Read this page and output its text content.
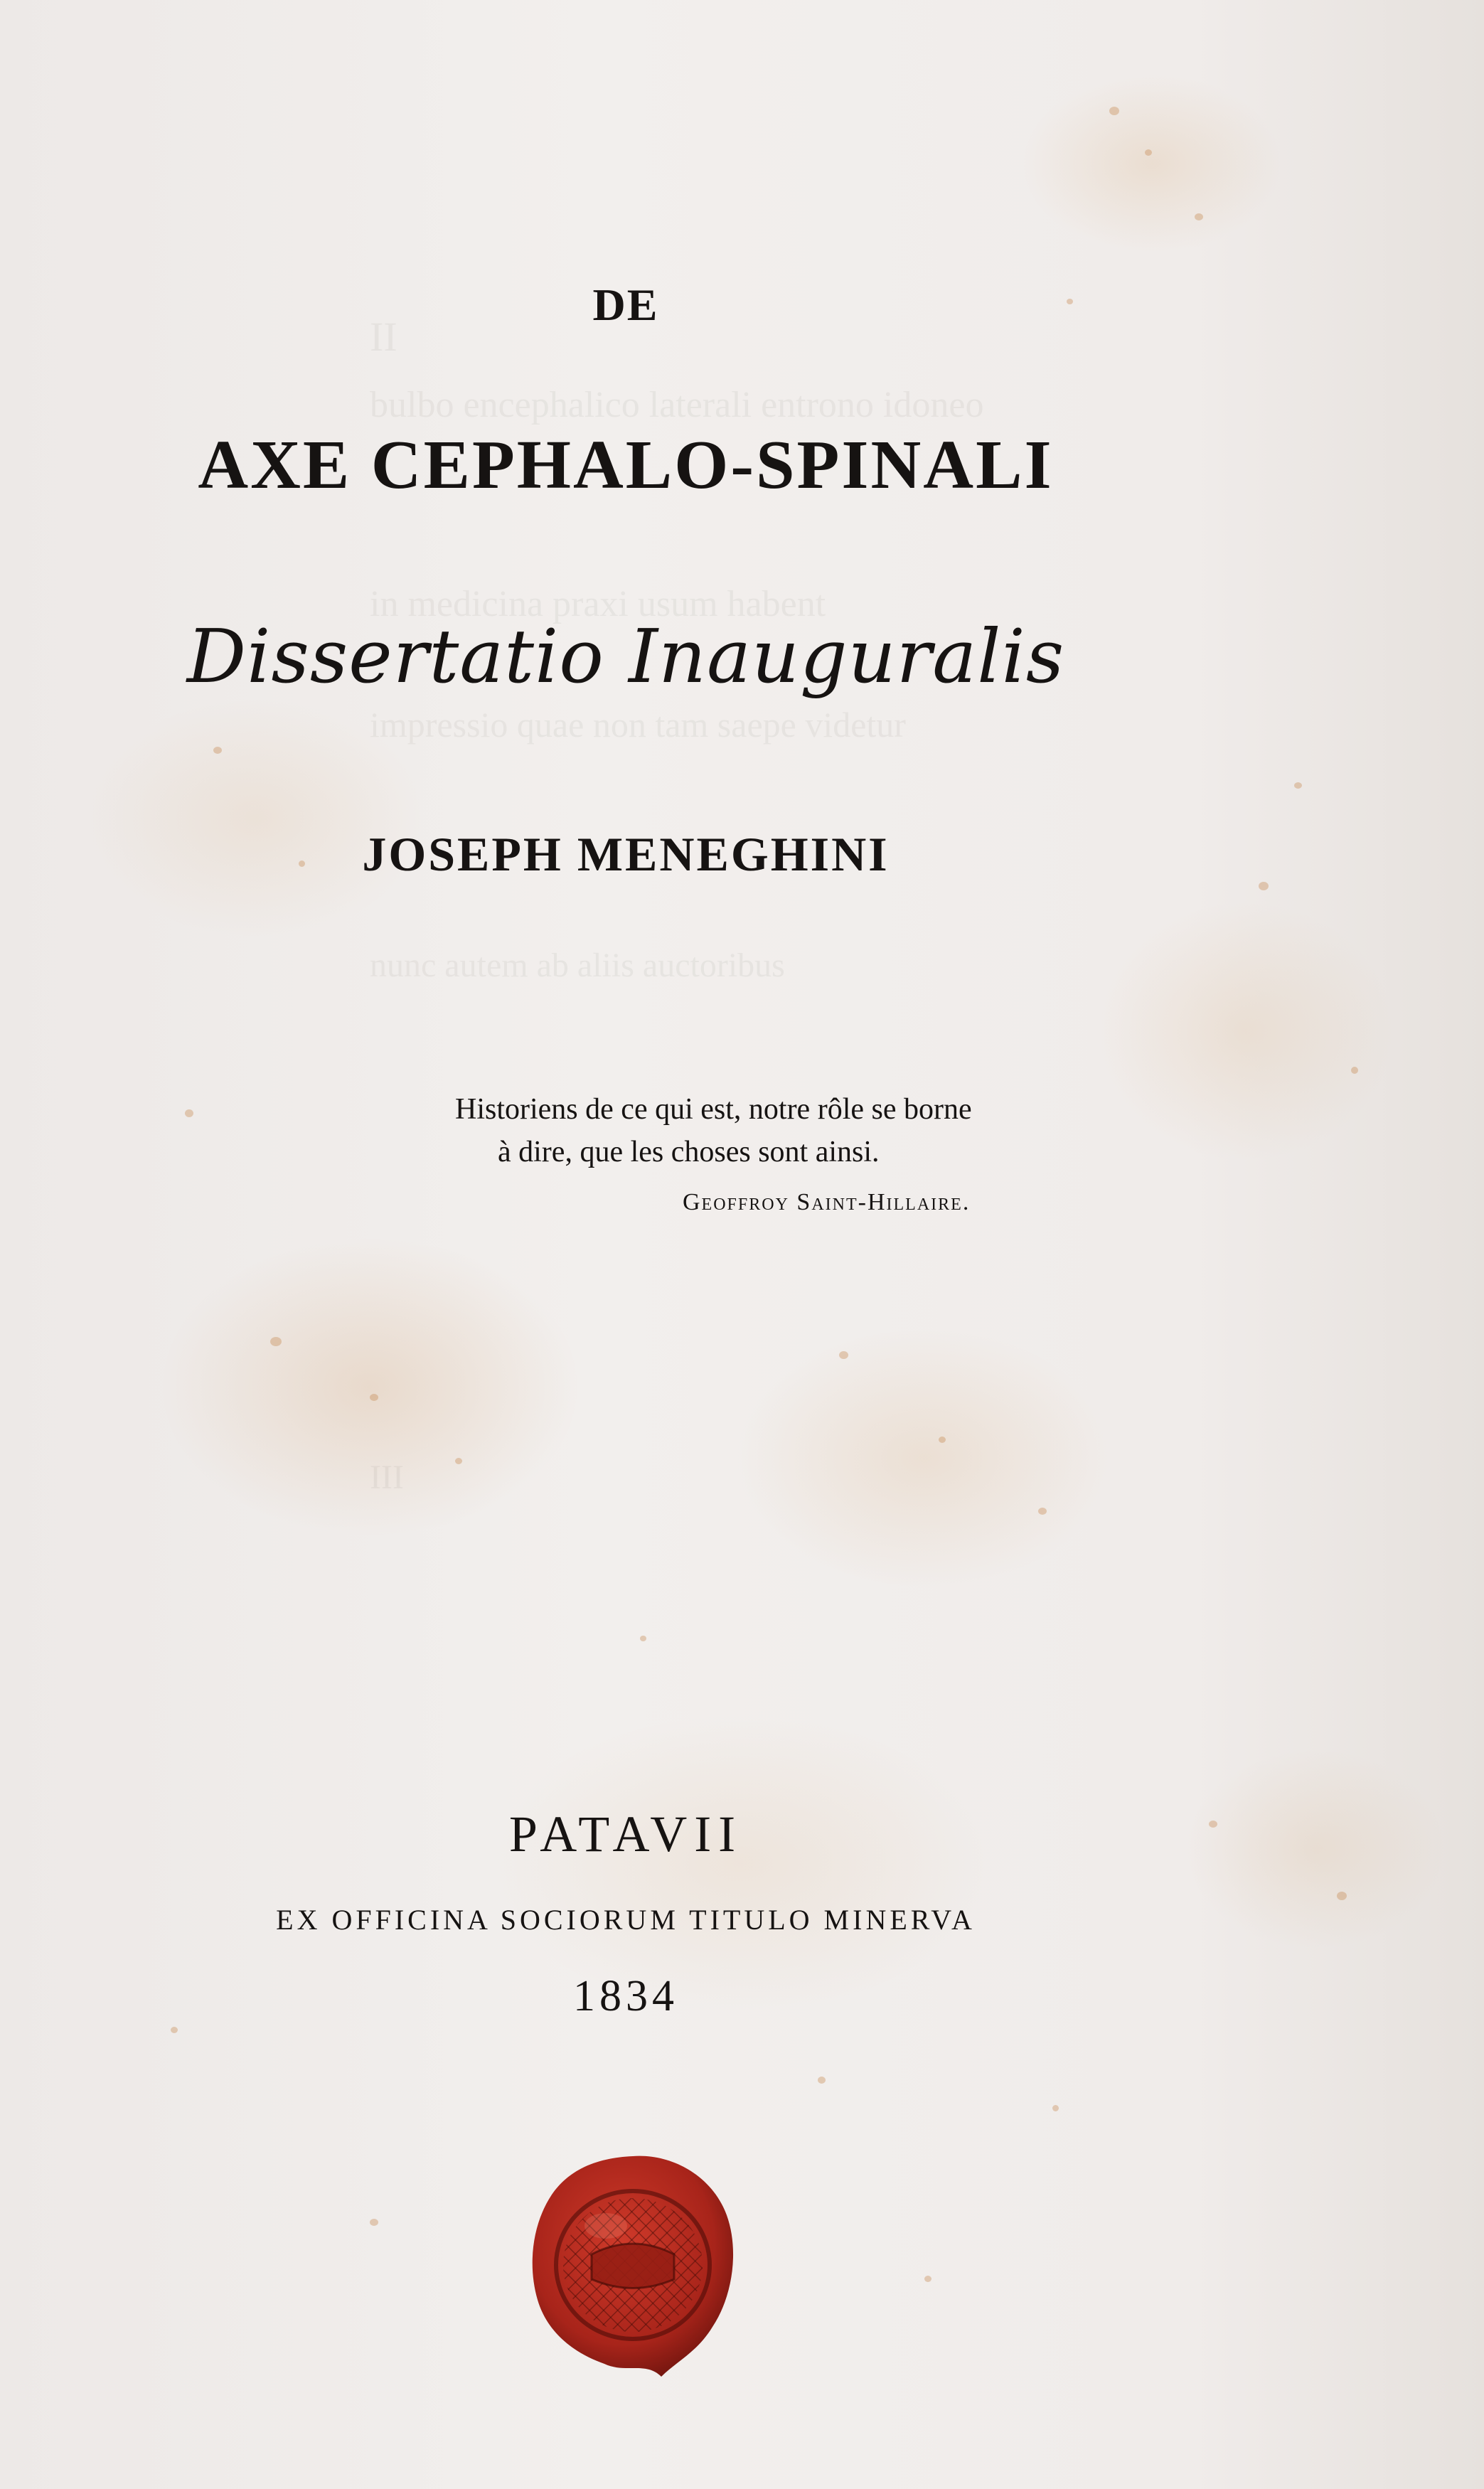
II
bulbo encephalico laterali entrono idoneo
in medicina praxi usum habent
impressio quae non tam saepe videtur
nunc autem ab aliis auctoribus
III
DE
AXE CEPHALO-SPINALI
Dissertatio Inauguralis
JOSEPH MENEGHINI
Historiens de ce qui est, notre rôle se borne
à dire, que les choses sont ainsi.
Geoffroy Saint-Hillaire.
PATAVII
EX OFFICINA SOCIORUM TITULO MINERVA
1834
